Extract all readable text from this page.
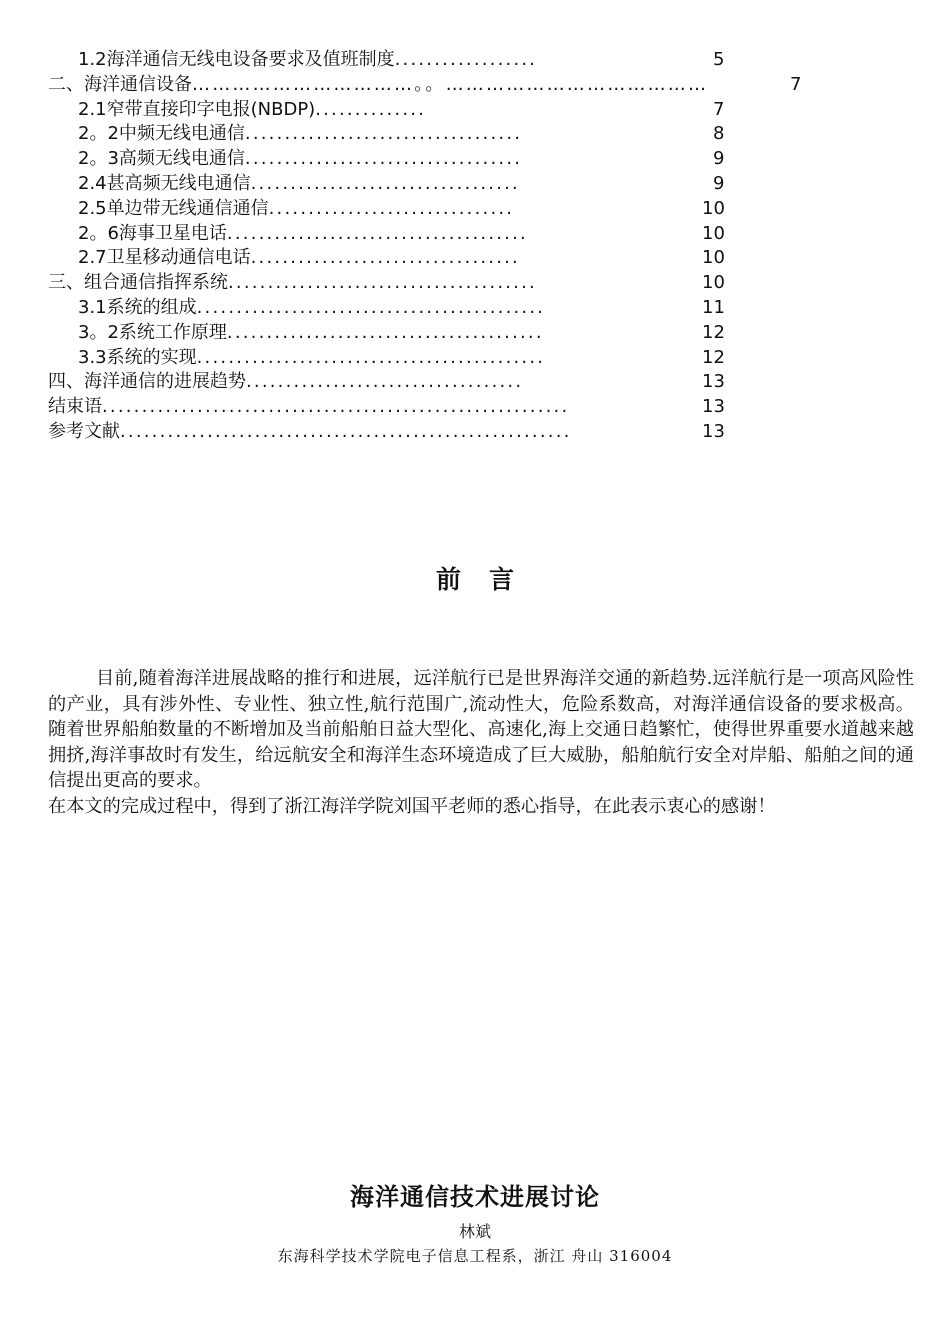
1.2海洋通信无线电设备要求及值班制度..................	5
二、海洋通信设备……………………………。。…………………………………	7
2.1窄带直接印字电报(NBDP)..............	7
2。2中频无线电通信...................................	8
2。3高频无线电通信...................................	9
2.4甚高频无线电通信..................................	9
2.5单边带无线通信通信...............................	10
2。6海事卫星电话......................................	10
2.7卫星移动通信电话..................................	10
三、组合通信指挥系统.......................................	10
3.1系统的组成............................................	11
3。2系统工作原理........................................	12
3.3系统的实现............................................	12
四、海洋通信的进展趋势...................................	13
结束语...........................................................	13
参考文献.........................................................	13
前言

目前,随着海洋进展战略的推行和进展，远洋航行已是世界海洋交通的新趋势.远洋航行是一项高风险性的产业，具有涉外性、专业性、独立性,航行范围广,流动性大，危险系数高，对海洋通信设备的要求极高。随着世界船舶数量的不断增加及当前船舶日益大型化、高速化,海上交通日趋繁忙，使得世界重要水道越来越拥挤,海洋事故时有发生，给远航安全和海洋生态环境造成了巨大威胁，船舶航行安全对岸船、船舶之间的通信提出更高的要求。

在本文的完成过程中，得到了浙江海洋学院刘国平老师的悉心指导，在此表示衷心的感谢！

海洋通信技术进展讨论
林斌
东海科学技术学院电子信息工程系，浙江 舟山 316004
